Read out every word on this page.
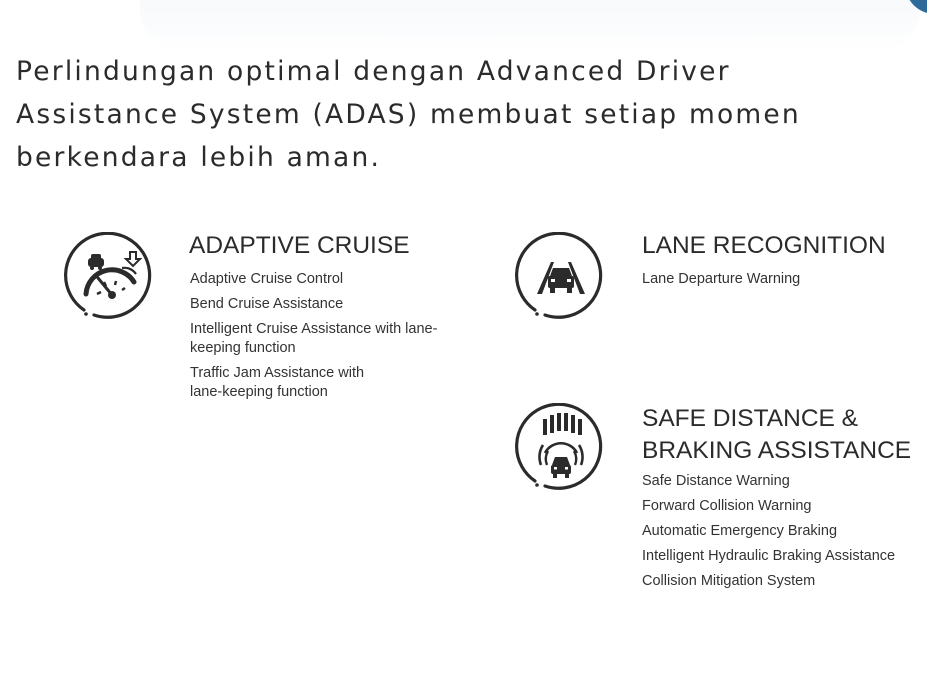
Perlindungan optimal dengan Advanced Driver Assistance System (ADAS) membuat setiap momen berkendara lebih aman.
ADAPTIVE CRUISE
Adaptive Cruise Control
Bend Cruise Assistance
Intelligent Cruise Assistance with lane-keeping function
Traffic Jam Assistance with lane-keeping function
LANE RECOGNITION
Lane Departure Warning
SAFE DISTANCE & BRAKING ASSISTANCE
Safe Distance Warning
Forward Collision Warning
Automatic Emergency Braking
Intelligent Hydraulic Braking Assistance
Collision Mitigation System
